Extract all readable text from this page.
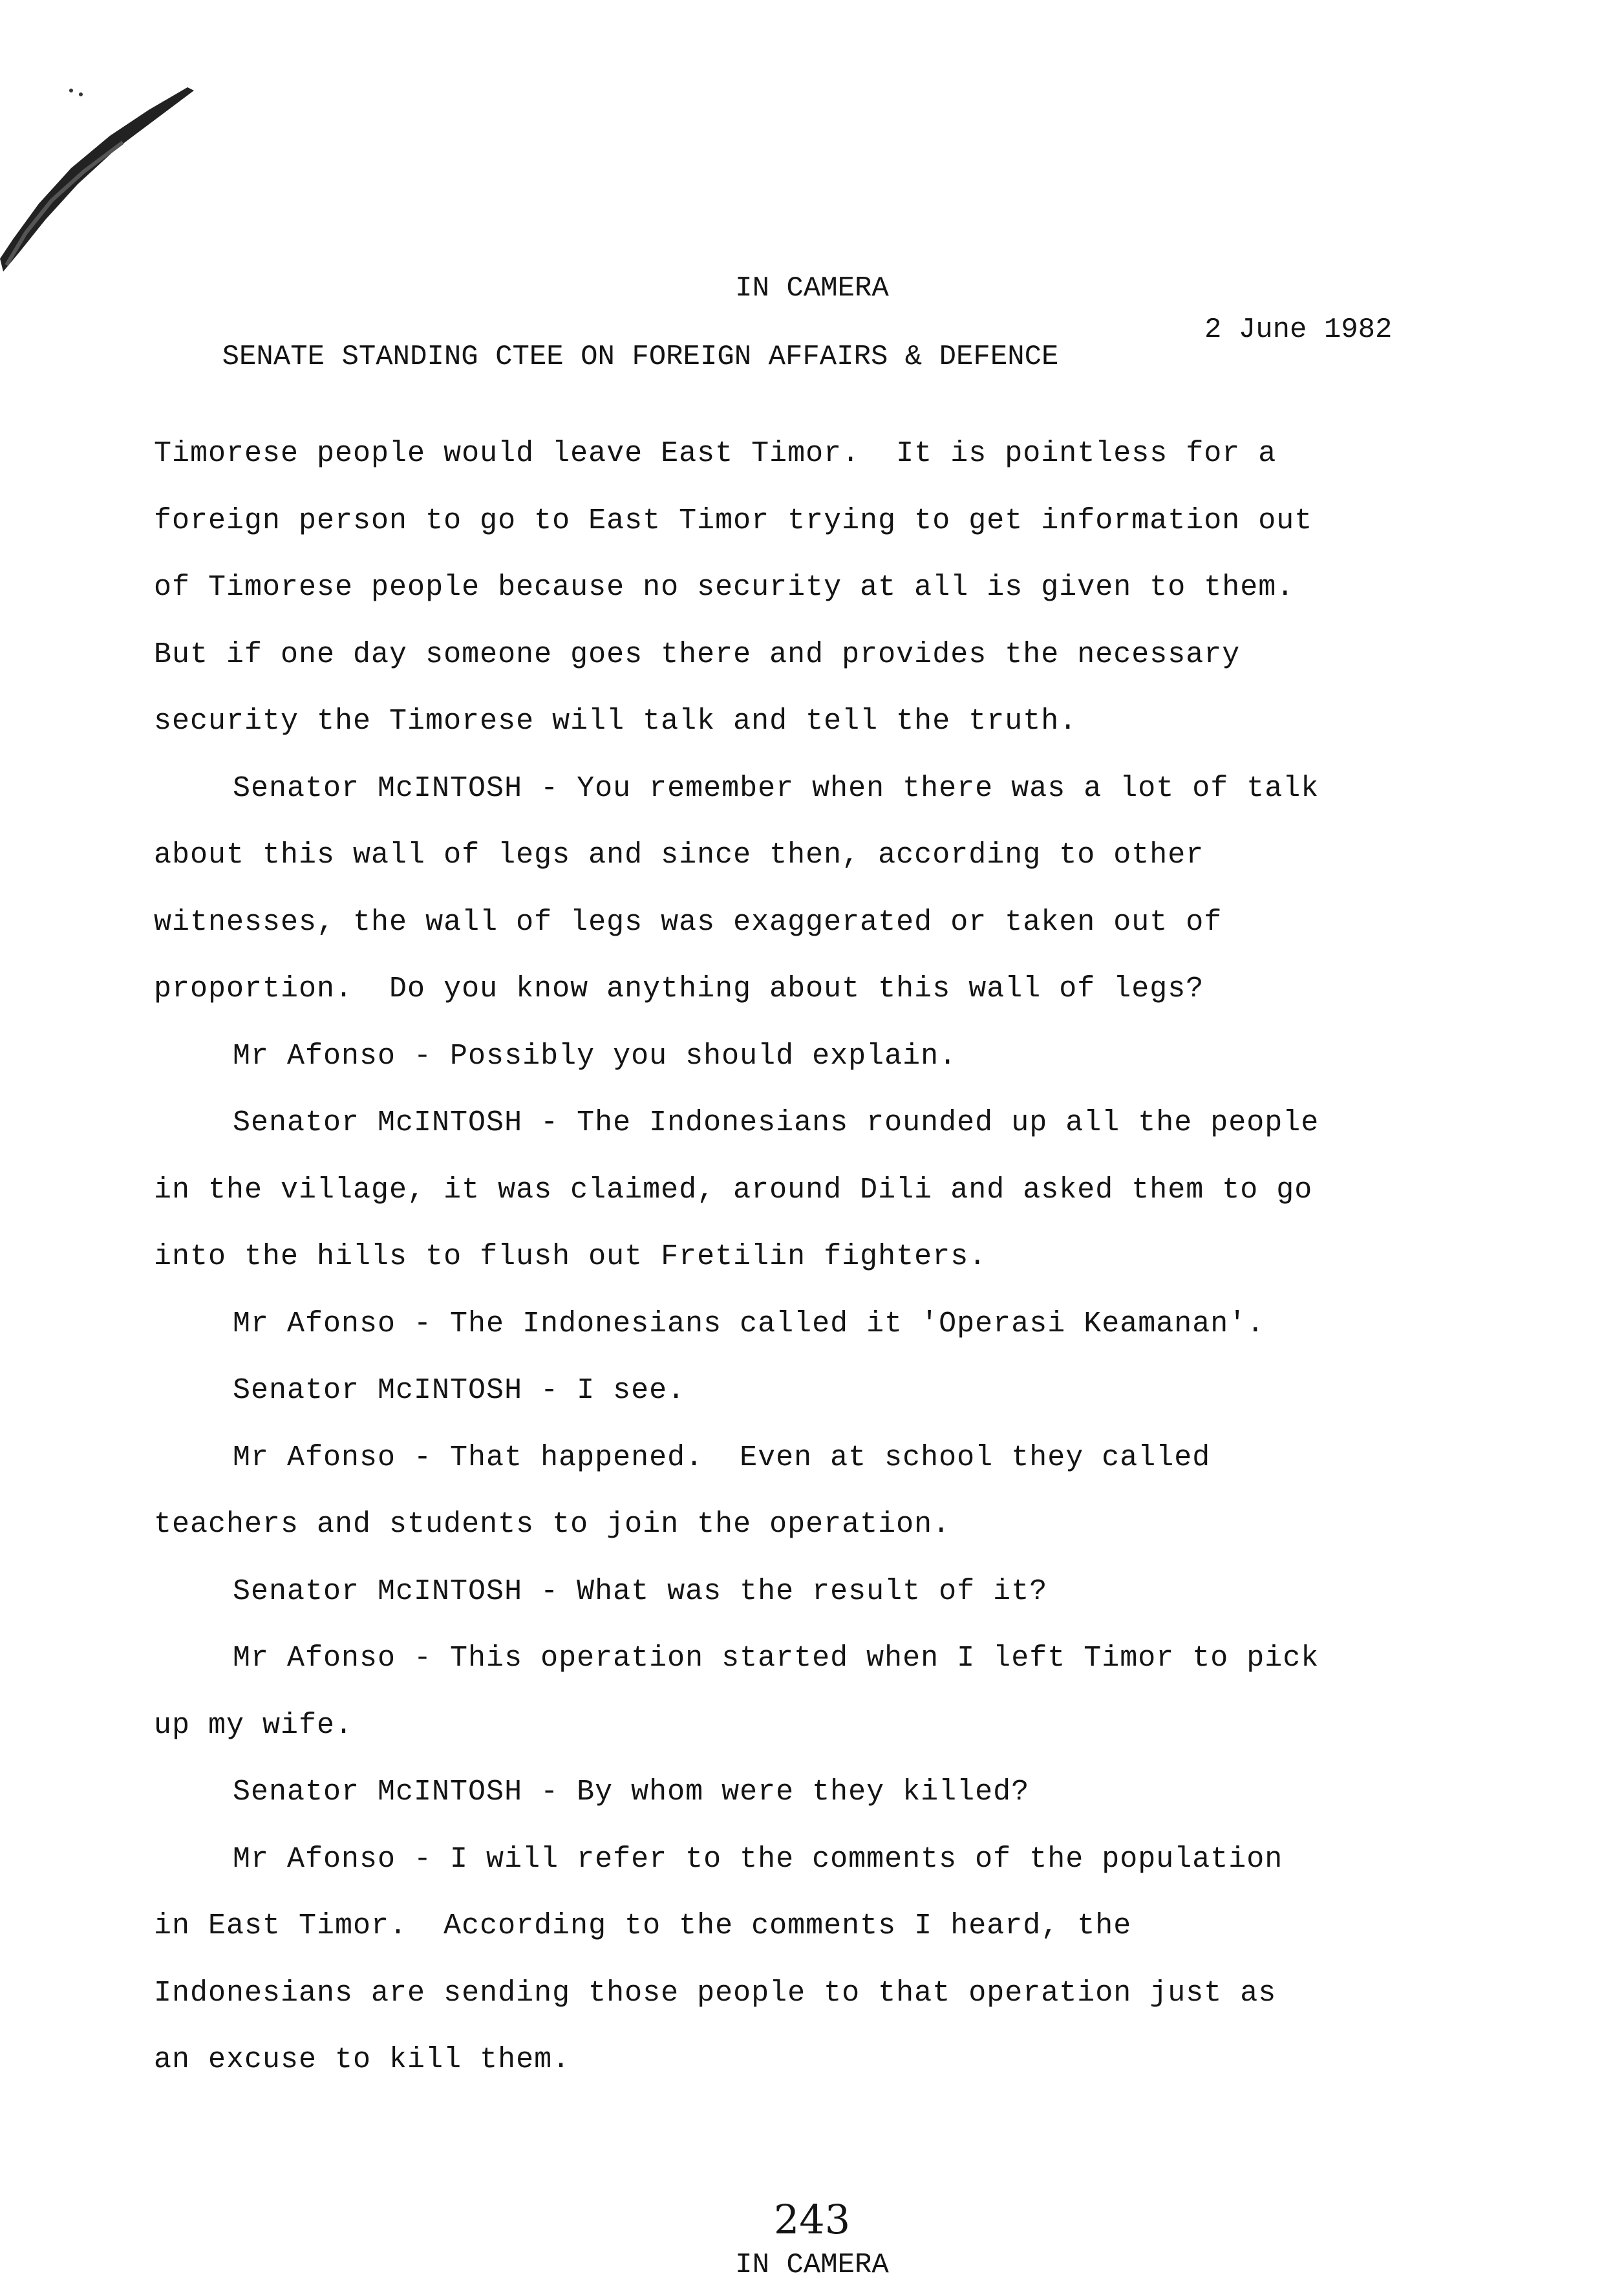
IN CAMERA

SENATE STANDING CTEE ON FOREIGN AFFAIRS & DEFENCE

2 June 1982

Timorese people would leave East Timor.  It is pointless for a
foreign person to go to East Timor trying to get information out
of Timorese people because no security at all is given to them.
But if one day someone goes there and provides the necessary
security the Timorese will talk and tell the truth.
Senator McINTOSH - You remember when there was a lot of talk
about this wall of legs and since then, according to other
witnesses, the wall of legs was exaggerated or taken out of
proportion.  Do you know anything about this wall of legs?
Mr Afonso - Possibly you should explain.
Senator McINTOSH - The Indonesians rounded up all the people
in the village, it was claimed, around Dili and asked them to go
into the hills to flush out Fretilin fighters.
Mr Afonso - The Indonesians called it 'Operasi Keamanan'.
Senator McINTOSH - I see.
Mr Afonso - That happened.  Even at school they called
teachers and students to join the operation.
Senator McINTOSH - What was the result of it?
Mr Afonso - This operation started when I left Timor to pick
up my wife.
Senator McINTOSH - By whom were they killed?
Mr Afonso - I will refer to the comments of the population
in East Timor.  According to the comments I heard, the
Indonesians are sending those people to that operation just as
an excuse to kill them.
243
IN CAMERA
